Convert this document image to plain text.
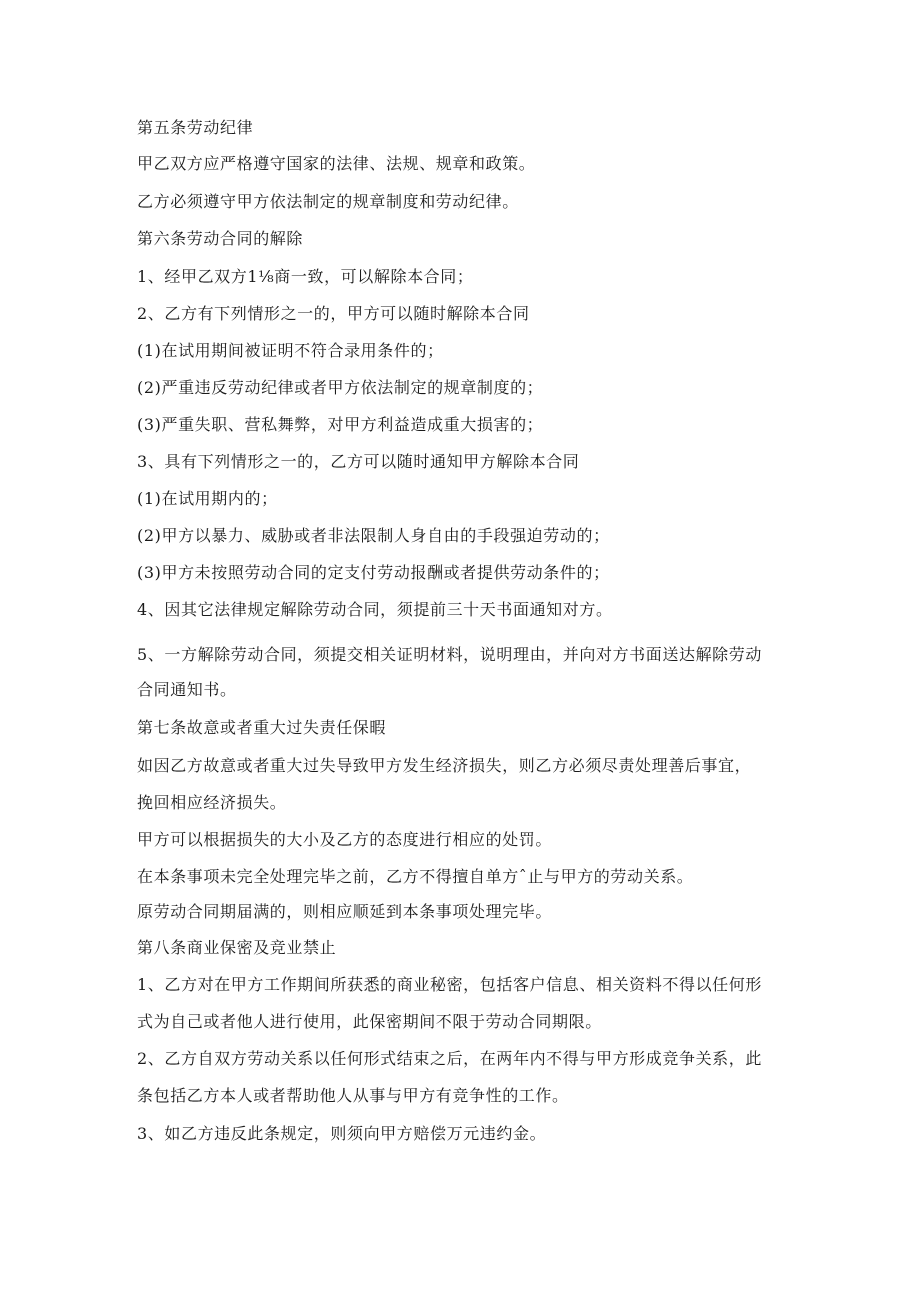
第五条劳动纪律
甲乙双方应严格遵守国家的法律、法规、规章和政策。
乙方必须遵守甲方依法制定的规章制度和劳动纪律。
第六条劳动合同的解除
1、经甲乙双方1⅛商一致，可以解除本合同；
2、乙方有下列情形之一的，甲方可以随时解除本合同
(1)在试用期间被证明不符合录用条件的；
(2)严重违反劳动纪律或者甲方依法制定的规章制度的；
(3)严重失职、营私舞弊，对甲方利益造成重大损害的；
3、具有下列情形之一的，乙方可以随时通知甲方解除本合同
(1)在试用期内的；
(2)甲方以暴力、威胁或者非法限制人身自由的手段强迫劳动的；
(3)甲方未按照劳动合同的定支付劳动报酬或者提供劳动条件的；
4、因其它法律规定解除劳动合同，须提前三十天书面通知对方。
5、一方解除劳动合同，须提交相关证明材料，说明理由，并向对方书面送达解除劳动
合同通知书。
第七条故意或者重大过失责任保暇
如因乙方故意或者重大过失导致甲方发生经济损失，则乙方必须尽责处理善后事宜，
挽回相应经济损失。
甲方可以根据损失的大小及乙方的态度进行相应的处罚。
在本条事项未完全处理完毕之前，乙方不得擅自单方ˆ止与甲方的劳动关系。
原劳动合同期届满的，则相应顺延到本条事项处理完毕。
第八条商业保密及竞业禁止
1、乙方对在甲方工作期间所获悉的商业秘密，包括客户信息、相关资料不得以任何形
式为自己或者他人进行使用，此保密期间不限于劳动合同期限。
2、乙方自双方劳动关系以任何形式结束之后，在两年内不得与甲方形成竞争关系，此
条包括乙方本人或者帮助他人从事与甲方有竞争性的工作。
3、如乙方违反此条规定，则须向甲方赔偿万元违约金。
